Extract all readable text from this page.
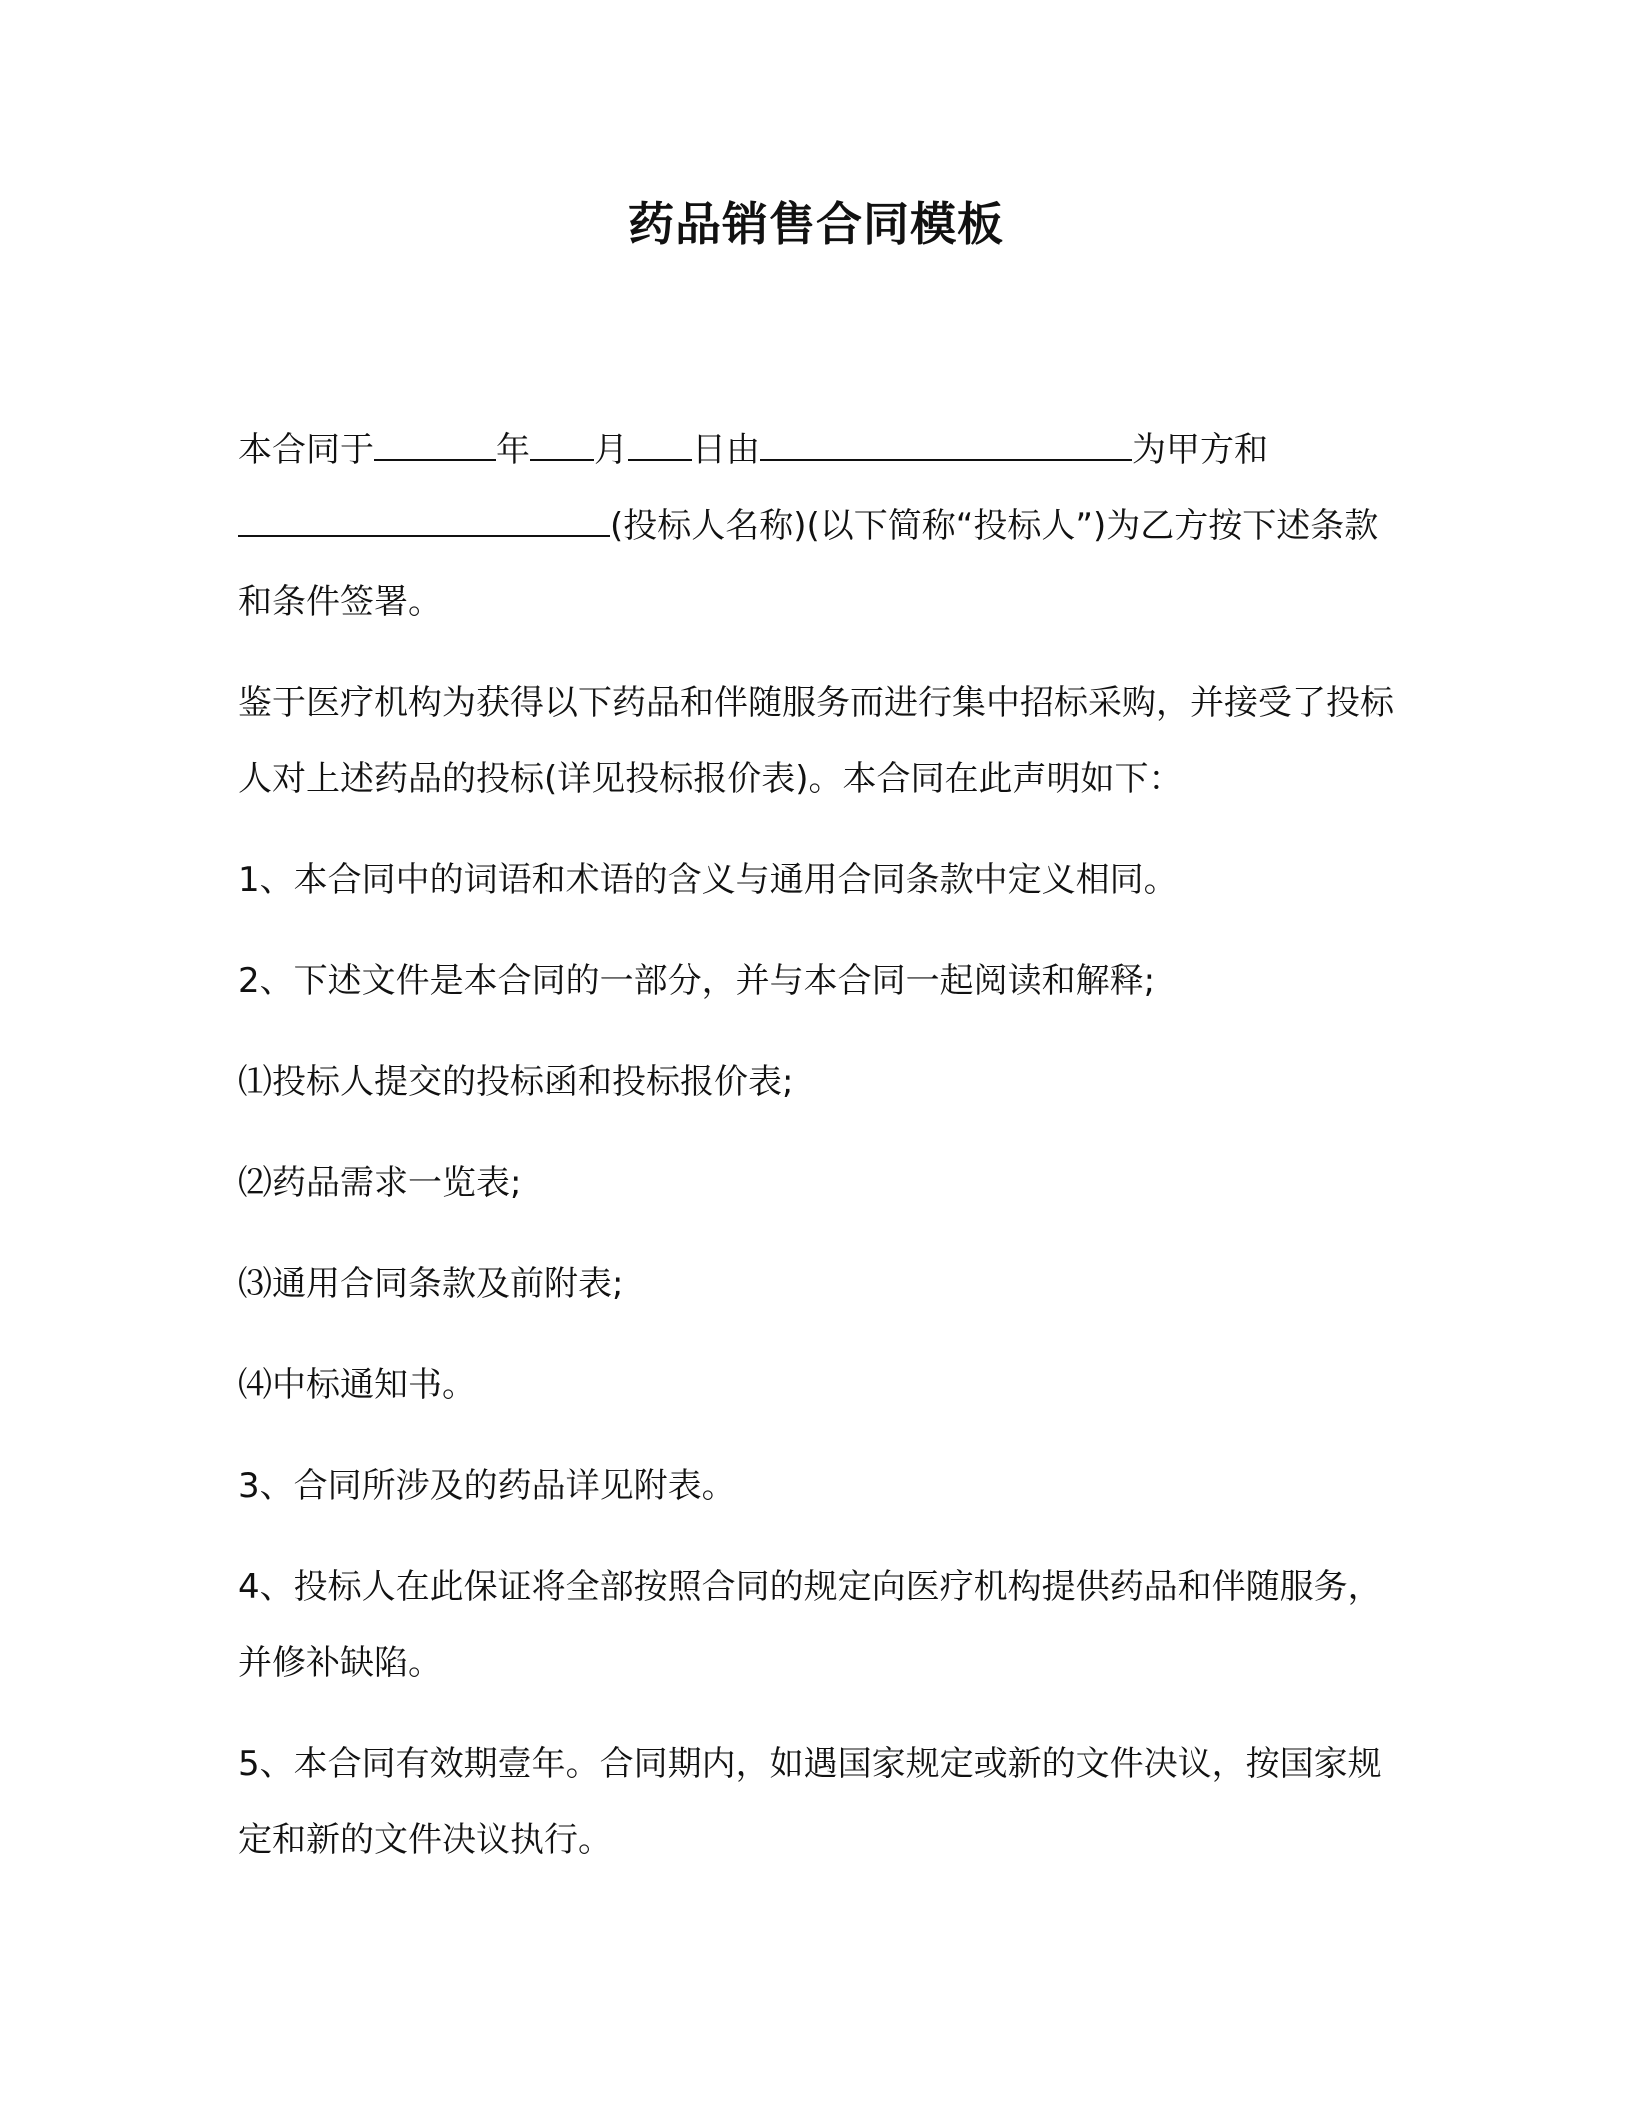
药品销售合同模板

本合同于	年 月 日由	为甲方和(投标人名称)(以下简称“投标人”)为乙方按下述条款和条件签署。

鉴于医疗机构为获得以下药品和伴随服务而进行集中招标采购，并接受了投标人对上述药品的投标(详见投标报价表)。本合同在此声明如下：

1、本合同中的词语和术语的含义与通用合同条款中定义相同。

2、下述文件是本合同的一部分，并与本合同一起阅读和解释;

⑴投标人提交的投标函和投标报价表;

⑵药品需求一览表;

⑶通用合同条款及前附表;

⑷中标通知书。

3、合同所涉及的药品详见附表。

4、投标人在此保证将全部按照合同的规定向医疗机构提供药品和伴随服务，并修补缺陷。

5、本合同有效期壹年。合同期内，如遇国家规定或新的文件决议，按国家规定和新的文件决议执行。
